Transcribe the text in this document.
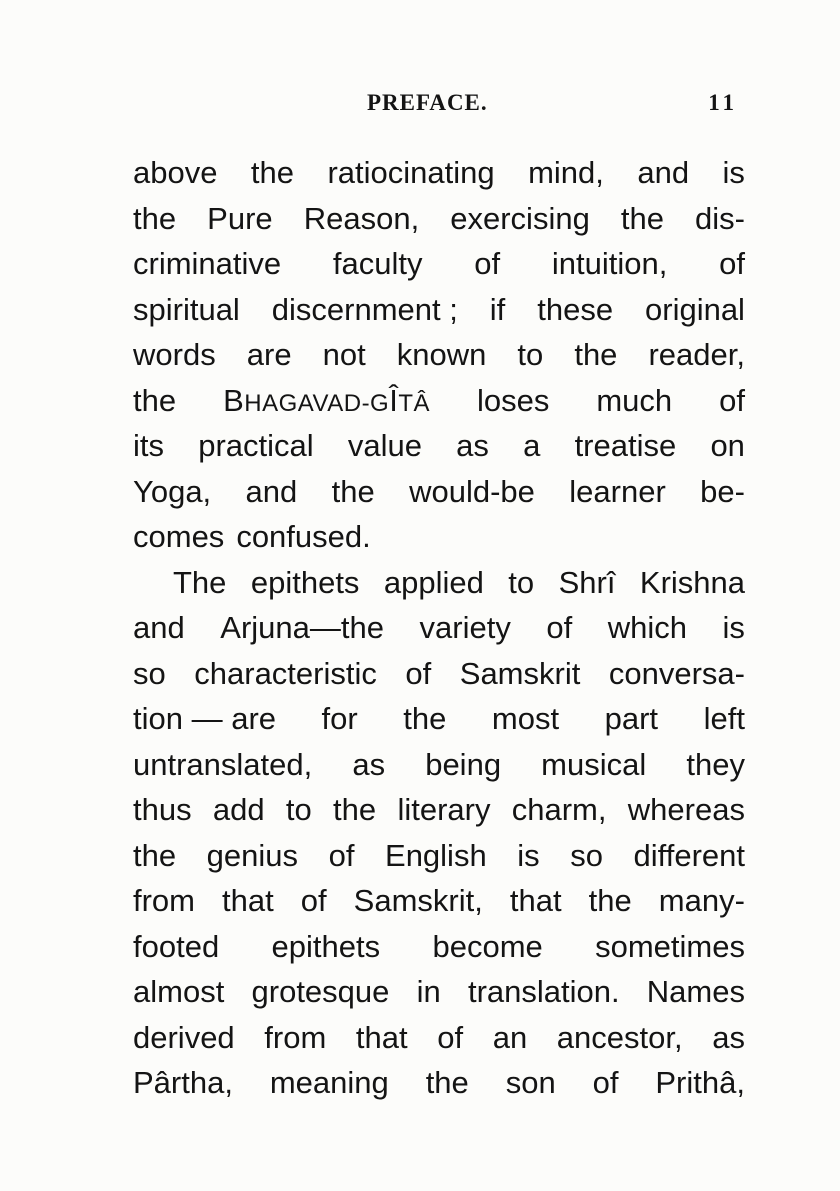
PREFACE.	11
above the ratiocinating mind, and is
the Pure Reason, exercising the dis-
criminative faculty of intuition, of
spiritual discernment ; if these original
words are not known to the reader,
the BHAGAVAD-GÎTÂ loses much of
its practical value as a treatise on
Yoga, and the would-be learner be-
comes confused.
The epithets applied to Shrî Krishna
and Arjuna—the variety of which is
so characteristic of Samskrit conversa-
tion — are for the most part left
untranslated, as being musical they
thus add to the literary charm, whereas
the genius of English is so different
from that of Samskrit, that the many-
footed epithets become sometimes
almost grotesque in translation. Names
derived from that of an ancestor, as
Pârtha, meaning the son of Prithâ,
